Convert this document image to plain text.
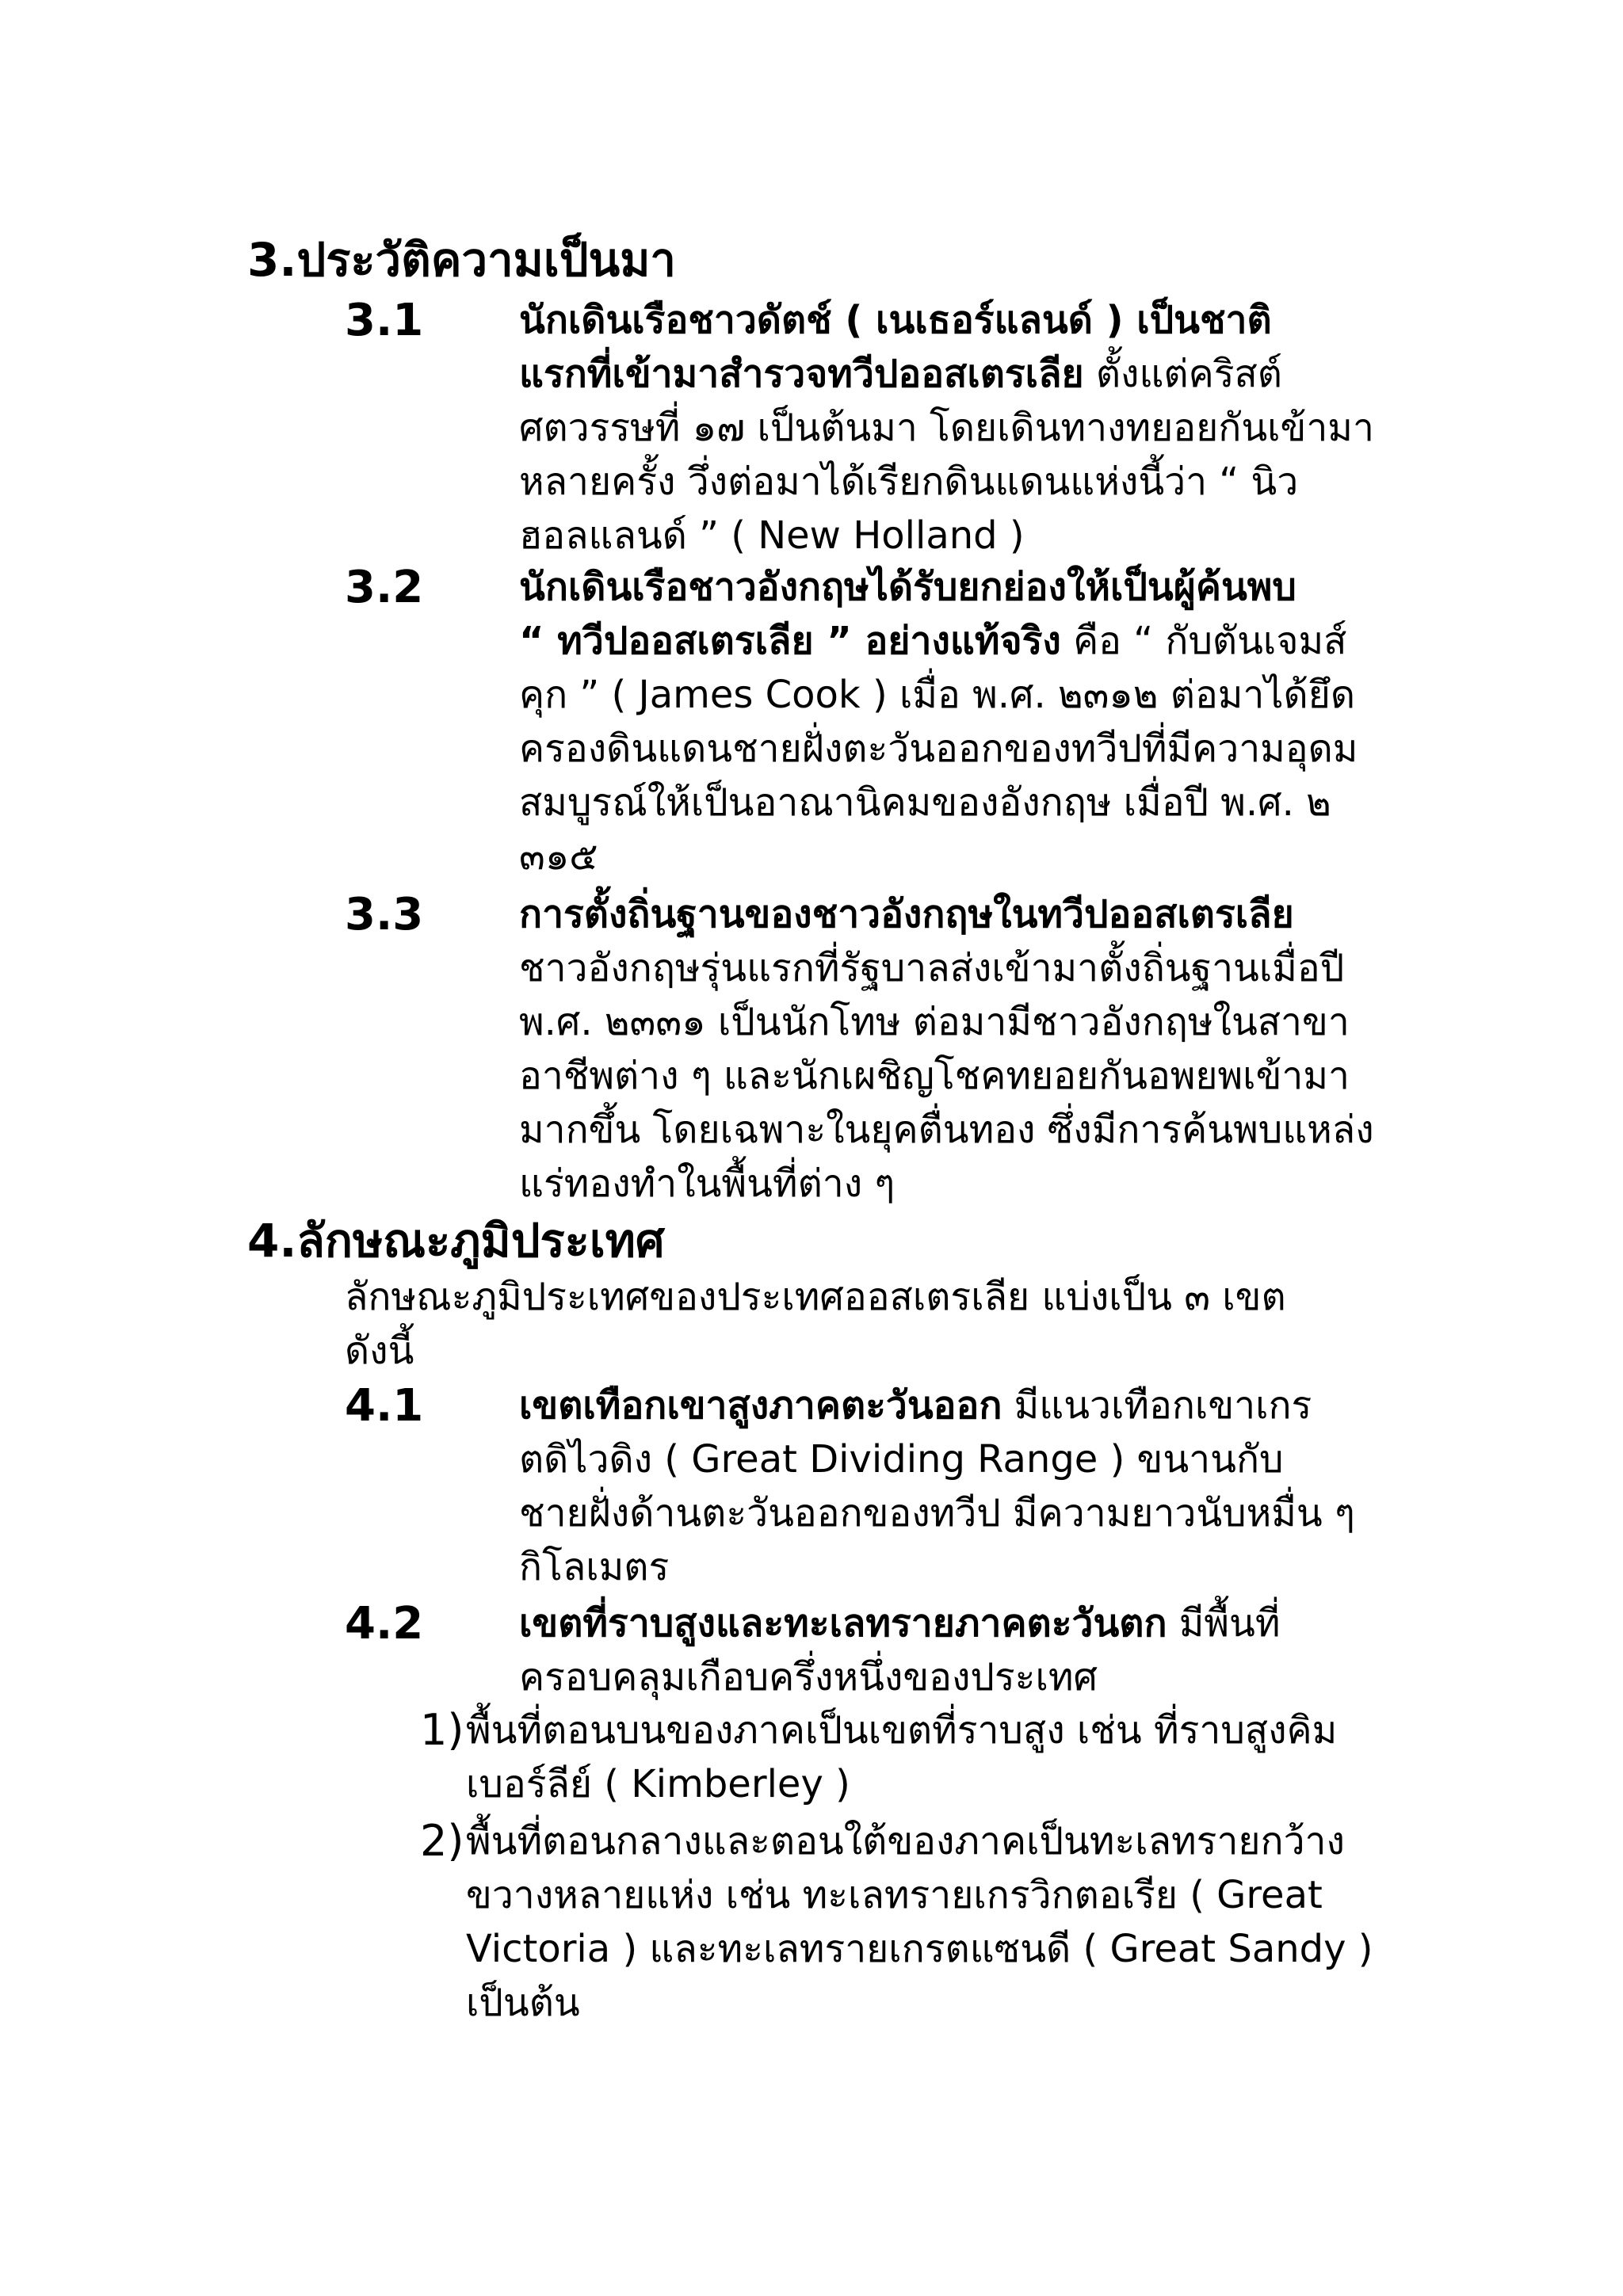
3.ประวัติความเป็นมา
3.1	นักเดินเรือชาวดัตช์ ( เนเธอร์แลนด์ ) เป็นชาติ
แรกที่เข้ามาสำรวจทวีปออสเตรเลีย ตั้งแต่คริสต์
ศตวรรษที่ ๑๗ เป็นต้นมา โดยเดินทางทยอยกันเข้ามา
หลายครั้ง วึ่งต่อมาได้เรียกดินแดนแห่งนี้ว่า “ นิว
ฮอลแลนด์ ” ( New Holland )
3.2	นักเดินเรือชาวอังกฤษได้รับยกย่องให้เป็นผู้ค้นพบ
“ ทวีปออสเตรเลีย ” อย่างแท้จริง คือ “ กับตันเจมส์
คุก ” ( James Cook ) เมื่อ พ.ศ. ๒๓๑๒ ต่อมาได้ยึด
ครองดินแดนชายฝั่งตะวันออกของทวีปที่มีความอุดม
สมบูรณ์ให้เป็นอาณานิคมของอังกฤษ เมื่อปี พ.ศ. ๒
๓๑๕
3.3	การตั้งถิ่นฐานของชาวอังกฤษในทวีปออสเตรเลีย
ชาวอังกฤษรุ่นแรกที่รัฐบาลส่งเข้ามาตั้งถิ่นฐานเมื่อปี
พ.ศ. ๒๓๓๑ เป็นนักโทษ ต่อมามีชาวอังกฤษในสาขา
อาชีพต่าง ๆ และนักเผชิญโชคทยอยกันอพยพเข้ามา
มากขึ้น โดยเฉพาะในยุคตื่นทอง ซึ่งมีการค้นพบแหล่ง
แร่ทองทำในพื้นที่ต่าง ๆ
4.ลักษณะภูมิประเทศ
ลักษณะภูมิประเทศของประเทศออสเตรเลีย แบ่งเป็น ๓ เขต
ดังนี้
4.1	เขตเทือกเขาสูงภาคตะวันออก มีแนวเทือกเขาเกร
ตดิไวดิง ( Great Dividing Range ) ขนานกับ
ชายฝั่งด้านตะวันออกของทวีป มีความยาวนับหมื่น ๆ
กิโลเมตร
4.2	เขตที่ราบสูงและทะเลทรายภาคตะวันตก มีพื้นที่
ครอบคลุมเกือบครึ่งหนึ่งของประเทศ
1) พื้นที่ตอนบนของภาคเป็นเขตที่ราบสูง เช่น ที่ราบสูงคิม
เบอร์ลีย์ ( Kimberley )
2) พื้นที่ตอนกลางและตอนใต้ของภาคเป็นทะเลทรายกว้าง
ขวางหลายแห่ง เช่น ทะเลทรายเกรวิกตอเรีย ( Great
Victoria ) และทะเลทรายเกรตแซนดี ( Great Sandy )
เป็นต้น
